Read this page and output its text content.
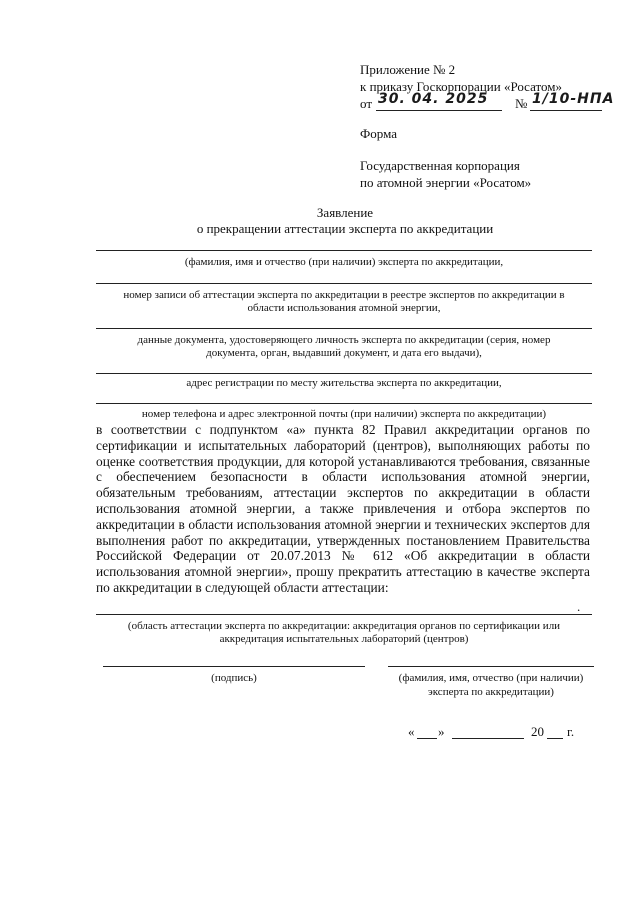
Приложение № 2
к приказу Госкорпорации «Росатом»
от 30. 04. 2025 № 1/10-НПА
Форма
Государственная корпорация
по атомной энергии «Росатом»
Заявление
о прекращении аттестации эксперта по аккредитации
(фамилия, имя и отчество (при наличии) эксперта по аккредитации,
номер записи об аттестации эксперта по аккредитации в реестре экспертов по аккредитации в
области использования атомной энергии,
данные документа, удостоверяющего личность эксперта по аккредитации (серия, номер
документа, орган, выдавший документ, и дата его выдачи),
адрес регистрации по месту жительства эксперта по аккредитации,
номер телефона и адрес электронной почты (при наличии) эксперта по аккредитации)
в соответствии с подпунктом «а» пункта 82 Правил аккредитации органов по сертификации и испытательных лабораторий (центров), выполняющих работы по оценке соответствия продукции, для которой устанавливаются требования, связанные с обеспечением безопасности в области использования атомной энергии, обязательным требованиям, аттестации экспертов по аккредитации в области использования атомной энергии, а также привлечения и отбора экспертов по аккредитации в области использования атомной энергии и технических экспертов для выполнения работ по аккредитации, утвержденных постановлением Правительства Российской Федерации от 20.07.2013 № 612 «Об аккредитации в области использования атомной энергии», прошу прекратить аттестацию в качестве эксперта по аккредитации в следующей области аттестации:
.
(область аттестации эксперта по аккредитации: аккредитация органов по сертификации или
аккредитация испытательных лабораторий (центров)
(подпись)	(фамилия, имя, отчество (при наличии)
эксперта по аккредитации)
« »	20 г.
